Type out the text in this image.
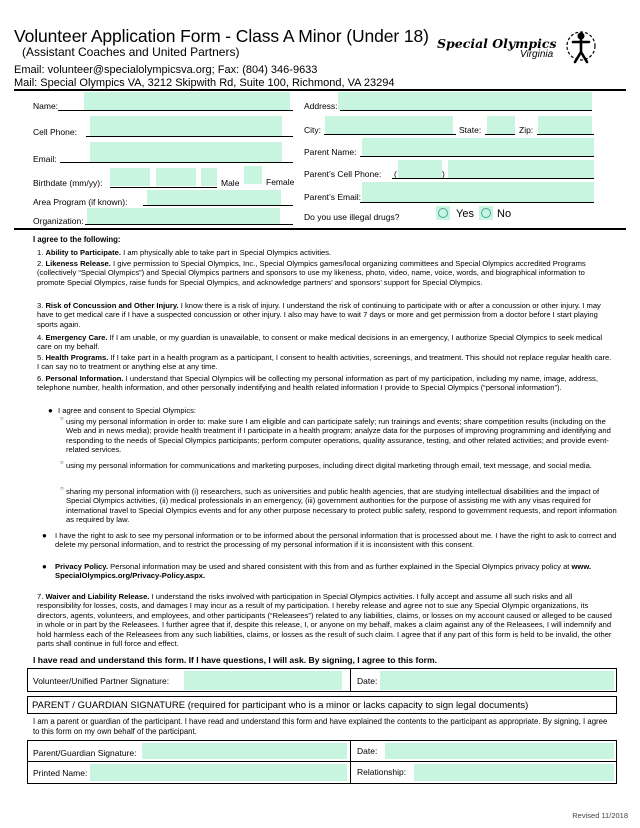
Volunteer Application Form - Class A Minor (Under 18)
(Assistant Coaches and United Partners)
Email: volunteer@specialolympicsva.org; Fax: (804) 346-9633
Mail: Special Olympics VA, 3212 Skipwith Rd, Suite 100, Richmond, VA 23294
Special Olympics
Virginia
Name:
Cell Phone:
Email:
Birthdate (mm/yy):	Male	Female
Area Program (if known):
Organization:
Address:
City:	State:	Zip:
Parent Name:
Parent’s Cell Phone: (	)
Parent’s Email:
Do you use illegal drugs?	Yes No
I agree to the following:
1. Ability to Participate. I am physically able to take part in Special Olympics activities.
2. Likeness Release. I give permission to Special Olympics, Inc., Special Olympics games/local organizing committees and Special Olympics accredited Programs (collectively “Special Olympics”) and Special Olympics partners and sponsors to use my likeness, photo, video, name, voice, words, and biographical information to promote Special Olympics, raise funds for Special Olympics, and acknowledge partners’ and sponsors’ support for Special Olympics.
3. Risk of Concussion and Other Injury. I know there is a risk of injury. I understand the risk of continuing to participate with or after a concussion or other injury. I may have to get medical care if I have a suspected concussion or other injury. I also may have to wait 7 days or more and get permission from a doctor before I start playing sports again.
4. Emergency Care. If I am unable, or my guardian is unavailable, to consent or make medical decisions in an emergency, I authorize Special Olympics to seek medical care on my behalf.
5. Health Programs. If I take part in a health program as a participant, I consent to health activities, screenings, and treatment. This should not replace regular health care. I can say no to treatment or anything else at any time.
6. Personal Information. I understand that Special Olympics will be collecting my personal information as part of my participation, including my name, image, address, telephone number, health information, and other personally indentifying and health related information I provide to Special Olympics (“personal information”).
● I agree and consent to Special Olympics:
○ using my personal information in order to: make sure I am eligible and can participate safely; run trainings and events; share competition results (including on the Web and in news media); provide health treatment if I participate in a health program; analyze data for the purposes of improving programming and identifying and responding to the needs of Special Olympics participants; perform computer operations, quality assurance, testing, and other related activities; and provide event-related services.
○ using my personal information for communications and marketing purposes, including direct digital marketing through email, text message, and social media.
○ sharing my personal information with (i) researchers, such as universities and public health agencies, that are studying intellectual disabilities and the impact of Special Olympics activities, (ii) medical professionals in an emergency, (iii) government authorities for the purpose of assisting me with any visas required for international travel to Special Olympics events and for any other purpose necessary to protect public safety, respond to government requests, and report information as required by law.
● I have the right to ask to see my personal information or to be informed about the personal information that is processed about me. I have the right to ask to correct and delete my personal information, and to restrict the processing of my personal information if it is inconsistent with this consent.
● Privacy Policy. Personal information may be used and shared consistent with this from and as further explained in the Special Olympics privacy policy at www. SpecialOlympics.org/Privacy-Policy.aspx.
7. Waiver and Liability Release. I understand the risks involved with participation in Special Olympics activities. I fully accept and assume all such risks and all responsibility for losses, costs, and damages I may incur as a result of my participation. I hereby release and agree not to sue any Special Olympic organizations, its directors, agents, volunteers, and employees, and other participants (“Releasees”) related to any liabilities, claims, or losses on my account caused or alleged to be caused in whole or in part by the Releasees. I further agree that if, despite this release, I, or anyone on my behalf, makes a claim against any of the Releasees, I will indemnify and hold harmless each of the Releasees from any such liabilities, claims, or losses as the result of such claim. I agree that if any part of this form is held to be invalid, the other parts shall continue in full force and effect.
I have read and understand this form. If I have questions, I will ask. By signing, I agree to this form.
Volunteer/Unified Partner Signature:	Date:
PARENT / GUARDIAN SIGNATURE (required for participant who is a minor or lacks capacity to sign legal documents)
I am a parent or guardian of the participant. I have read and understand this form and have explained the contents to the participant as appropriate. By signing, I agree to this form on my own behalf of the participant.
Parent/Guardian Signature:	Date:
Printed Name:	Relationship:
Revised 11/2018
